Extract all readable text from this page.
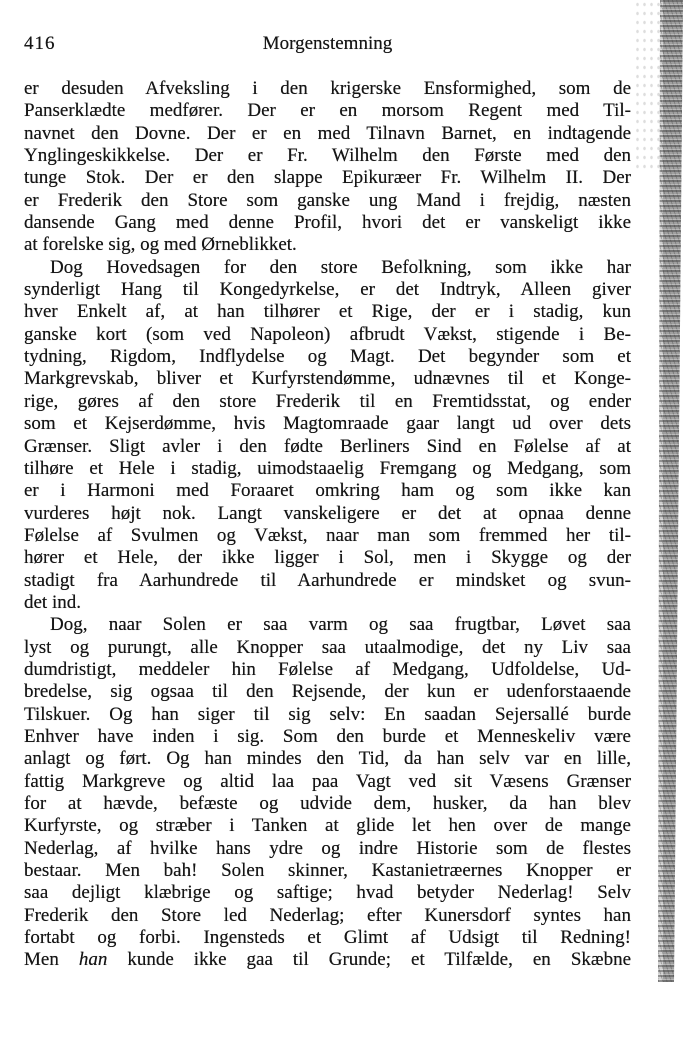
416	Morgenstemning
er desuden Afveksling i den krigerske Ensformighed, som de
Panserklædte medfører. Der er en morsom Regent med Til-
navnet den Dovne. Der er en med Tilnavn Barnet, en indtagende
Ynglingeskikkelse. Der er Fr. Wilhelm den Første med den
tunge Stok. Der er den slappe Epikuræer Fr. Wilhelm II. Der
er Frederik den Store som ganske ung Mand i frejdig, næsten
dansende Gang med denne Profil, hvori det er vanskeligt ikke
at forelske sig, og med Ørneblikket.
Dog Hovedsagen for den store Befolkning, som ikke har
synderligt Hang til Kongedyrkelse, er det Indtryk, Alleen giver
hver Enkelt af, at han tilhører et Rige, der er i stadig, kun
ganske kort (som ved Napoleon) afbrudt Vækst, stigende i Be-
tydning, Rigdom, Indflydelse og Magt. Det begynder som et
Markgrevskab, bliver et Kurfyrstendømme, udnævnes til et Konge-
rige, gøres af den store Frederik til en Fremtidsstat, og ender
som et Kejserdømme, hvis Magtomraade gaar langt ud over dets
Grænser. Sligt avler i den fødte Berliners Sind en Følelse af at
tilhøre et Hele i stadig, uimodstaaelig Fremgang og Medgang, som
er i Harmoni med Foraaret omkring ham og som ikke kan
vurderes højt nok. Langt vanskeligere er det at opnaa denne
Følelse af Svulmen og Vækst, naar man som fremmed her til-
hører et Hele, der ikke ligger i Sol, men i Skygge og der
stadigt fra Aarhundrede til Aarhundrede er mindsket og svun-
det ind.
Dog, naar Solen er saa varm og saa frugtbar, Løvet saa
lyst og purungt, alle Knopper saa utaalmodige, det ny Liv saa
dumdristigt, meddeler hin Følelse af Medgang, Udfoldelse, Ud-
bredelse, sig ogsaa til den Rejsende, der kun er udenforstaaende
Tilskuer. Og han siger til sig selv: En saadan Sejersallé burde
Enhver have inden i sig. Som den burde et Menneskeliv være
anlagt og ført. Og han mindes den Tid, da han selv var en lille,
fattig Markgreve og altid laa paa Vagt ved sit Væsens Grænser
for at hævde, befæste og udvide dem, husker, da han blev
Kurfyrste, og stræber i Tanken at glide let hen over de mange
Nederlag, af hvilke hans ydre og indre Historie som de flestes
bestaar. Men bah! Solen skinner, Kastanietræernes Knopper er
saa dejligt klæbrige og saftige; hvad betyder Nederlag! Selv
Frederik den Store led Nederlag; efter Kunersdorf syntes han
fortabt og forbi. Ingensteds et Glimt af Udsigt til Redning!
Men han kunde ikke gaa til Grunde; et Tilfælde, en Skæbne
